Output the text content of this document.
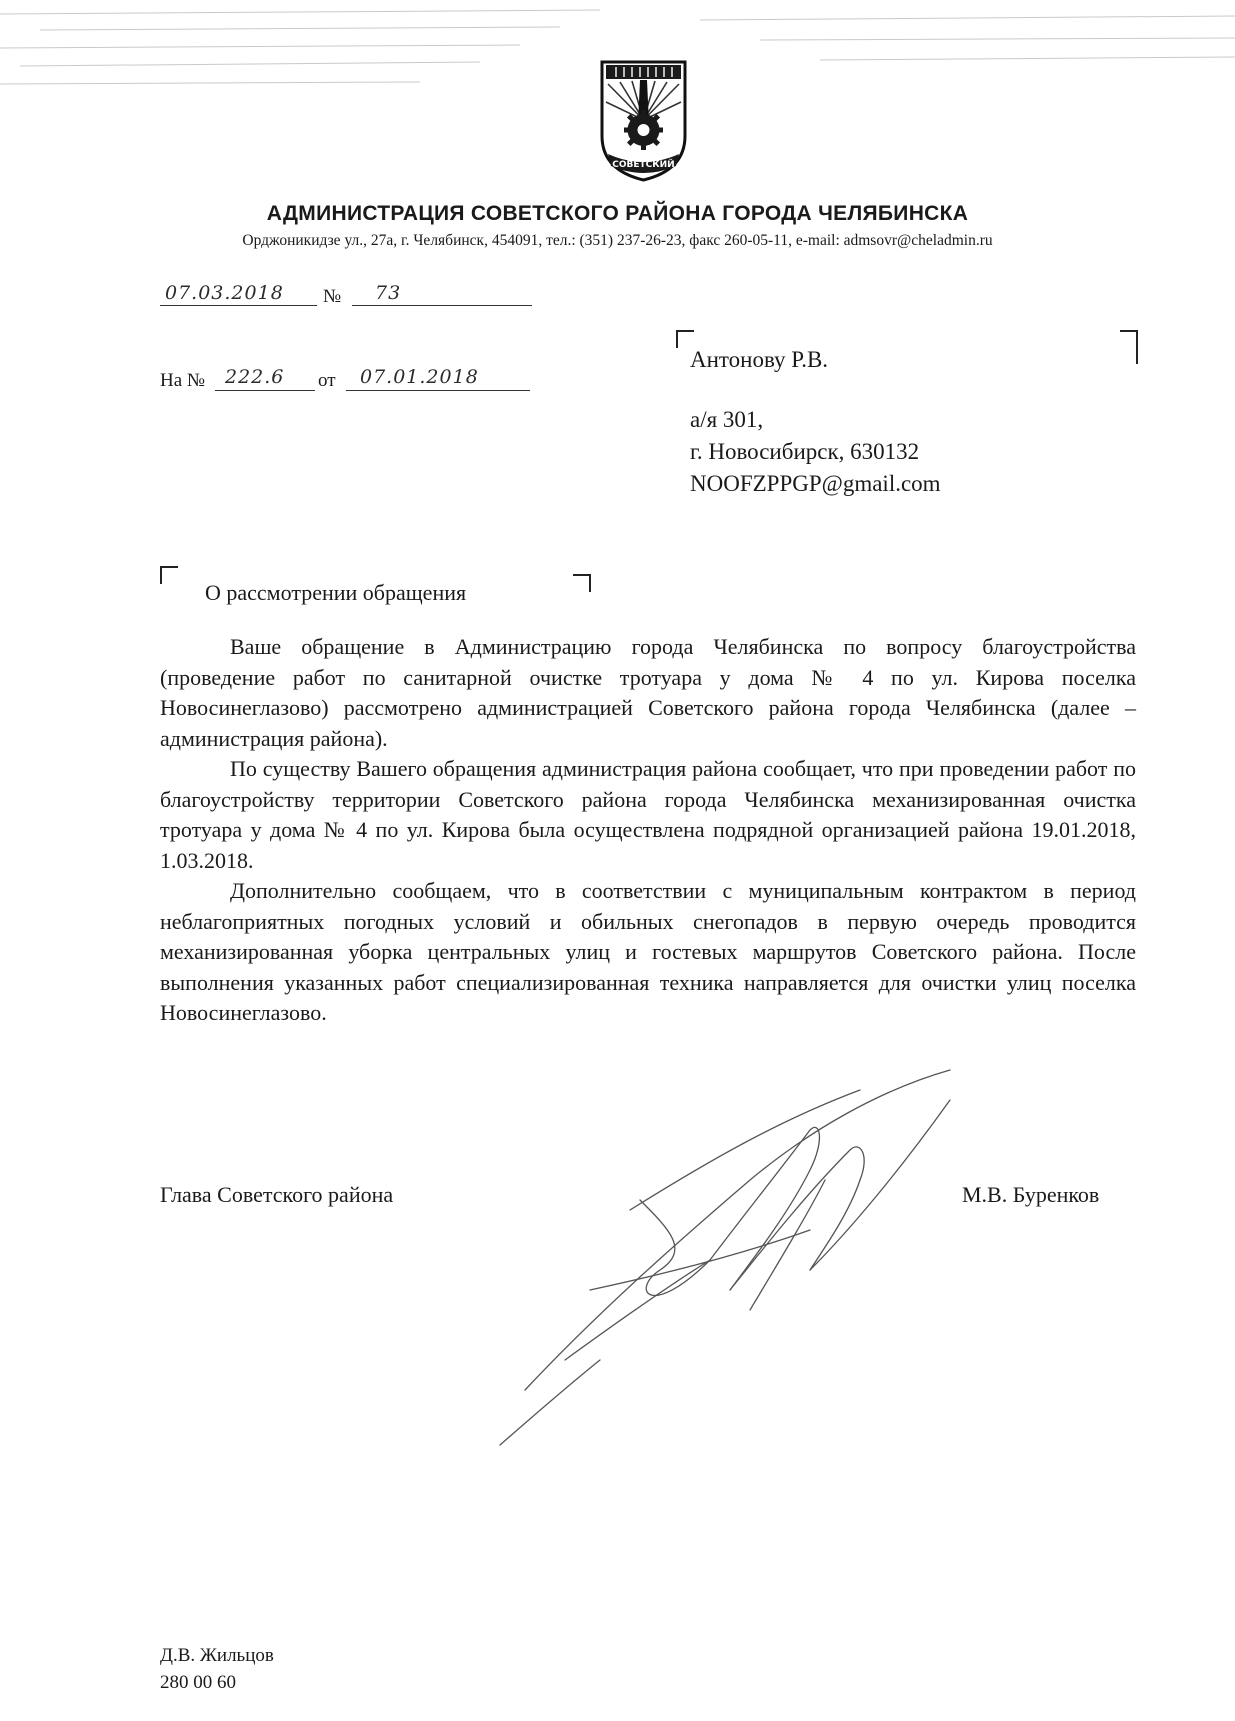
СОВЕТСКИЙ
АДМИНИСТРАЦИЯ СОВЕТСКОГО РАЙОНА ГОРОДА ЧЕЛЯБИНСКА
Орджоникидзе ул., 27а, г. Челябинск, 454091, тел.: (351) 237-26-23, факс 260-05-11, e-mail: admsovr@cheladmin.ru
07.03.2018 № 73
На № 222.6 от 07.01.2018
Антонову Р.В.
а/я 301,
г. Новосибирск, 630132
NOOFZPPGP@gmail.com
О рассмотрении обращения

Ваше обращение в Администрацию города Челябинска по вопросу благоустройства (проведение работ по санитарной очистке тротуара у дома № 4 по ул. Кирова поселка Новосинеглазово) рассмотрено администрацией Советского района города Челябинска (далее – администрация района).

По существу Вашего обращения администрация района сообщает, что при проведении работ по благоустройству территории Советского района города Челябинска механизированная очистка тротуара у дома № 4 по ул. Кирова была осуществлена подрядной организацией района 19.01.2018, 1.03.2018.

Дополнительно сообщаем, что в соответствии с муниципальным контрактом в период неблагоприятных погодных условий и обильных снегопадов в первую очередь проводится механизированная уборка центральных улиц и гостевых маршрутов Советского района. После выполнения указанных работ специализированная техника направляется для очистки улиц поселка Новосинеглазово.

Глава Советского района	М.В. Буренков
Д.В. Жильцов
280 00 60
